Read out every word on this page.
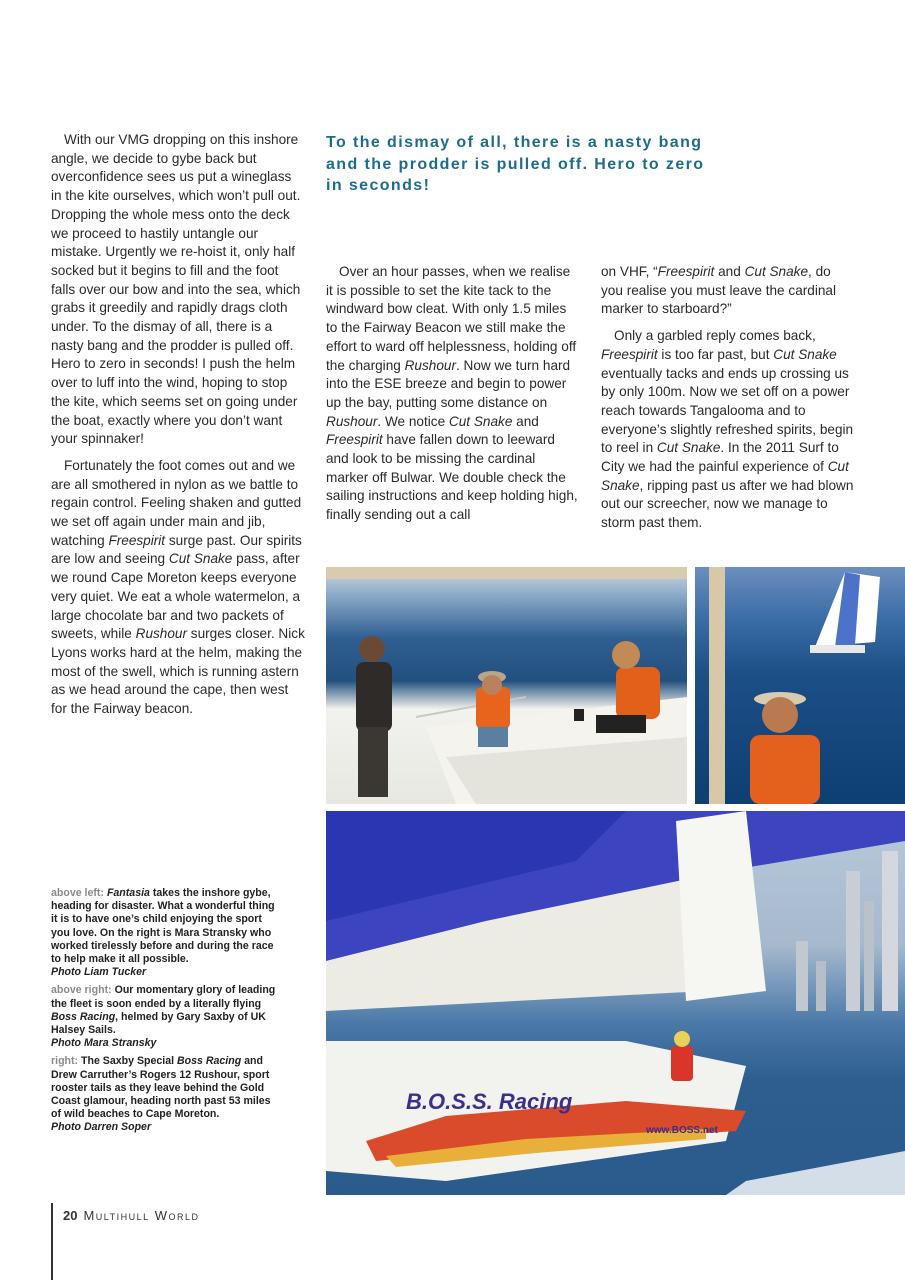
To the dismay of all, there is a nasty bang and the prodder is pulled off. Hero to zero in seconds!

With our VMG dropping on this inshore angle, we decide to gybe back but overconfidence sees us put a wineglass in the kite ourselves, which won’t pull out. Dropping the whole mess onto the deck we proceed to hastily untangle our mistake. Urgently we re-hoist it, only half socked but it begins to fill and the foot falls over our bow and into the sea, which grabs it greedily and rapidly drags cloth under. To the dismay of all, there is a nasty bang and the prodder is pulled off. Hero to zero in seconds! I push the helm over to luff into the wind, hoping to stop the kite, which seems set on going under the boat, exactly where you don’t want your spinnaker!

Fortunately the foot comes out and we are all smothered in nylon as we battle to regain control. Feeling shaken and gutted we set off again under main and jib, watching Freespirit surge past. Our spirits are low and seeing Cut Snake pass, after we round Cape Moreton keeps everyone very quiet. We eat a whole watermelon, a large chocolate bar and two packets of sweets, while Rushour surges closer. Nick Lyons works hard at the helm, making the most of the swell, which is running astern as we head around the cape, then west for the Fairway beacon.

Over an hour passes, when we realise it is possible to set the kite tack to the windward bow cleat. With only 1.5 miles to the Fairway Beacon we still make the effort to ward off helplessness, holding off the charging Rushour. Now we turn hard into the ESE breeze and begin to power up the bay, putting some distance on Rushour. We notice Cut Snake and Freespirit have fallen down to leeward and look to be missing the cardinal marker off Bulwar. We double check the sailing instructions and keep holding high, finally sending out a call

on VHF, “Freespirit and Cut Snake, do you realise you must leave the cardinal marker to starboard?”

Only a garbled reply comes back, Freespirit is too far past, but Cut Snake eventually tacks and ends up crossing us by only 100m. Now we set off on a power reach towards Tangalooma and to everyone’s slightly refreshed spirits, begin to reel in Cut Snake. In the 2011 Surf to City we had the painful experience of Cut Snake, ripping past us after we had blown out our screecher, now we manage to storm past them.

B.O.S.S. Racing
www.BOSS.net

above left: Fantasia takes the inshore gybe, heading for disaster. What a wonderful thing it is to have one’s child enjoying the sport you love. On the right is Mara Stransky who worked tirelessly before and during the race to help make it all possible.
Photo Liam Tucker

above right: Our momentary glory of leading the fleet is soon ended by a literally flying Boss Racing, helmed by Gary Saxby of UK Halsey Sails.
Photo Mara Stransky

right: The Saxby Special Boss Racing and Drew Carruther’s Rogers 12 Rushour, sport rooster tails as they leave behind the Gold Coast glamour, heading north past 53 miles of wild beaches to Cape Moreton.
Photo Darren Soper

20 Multihull World
